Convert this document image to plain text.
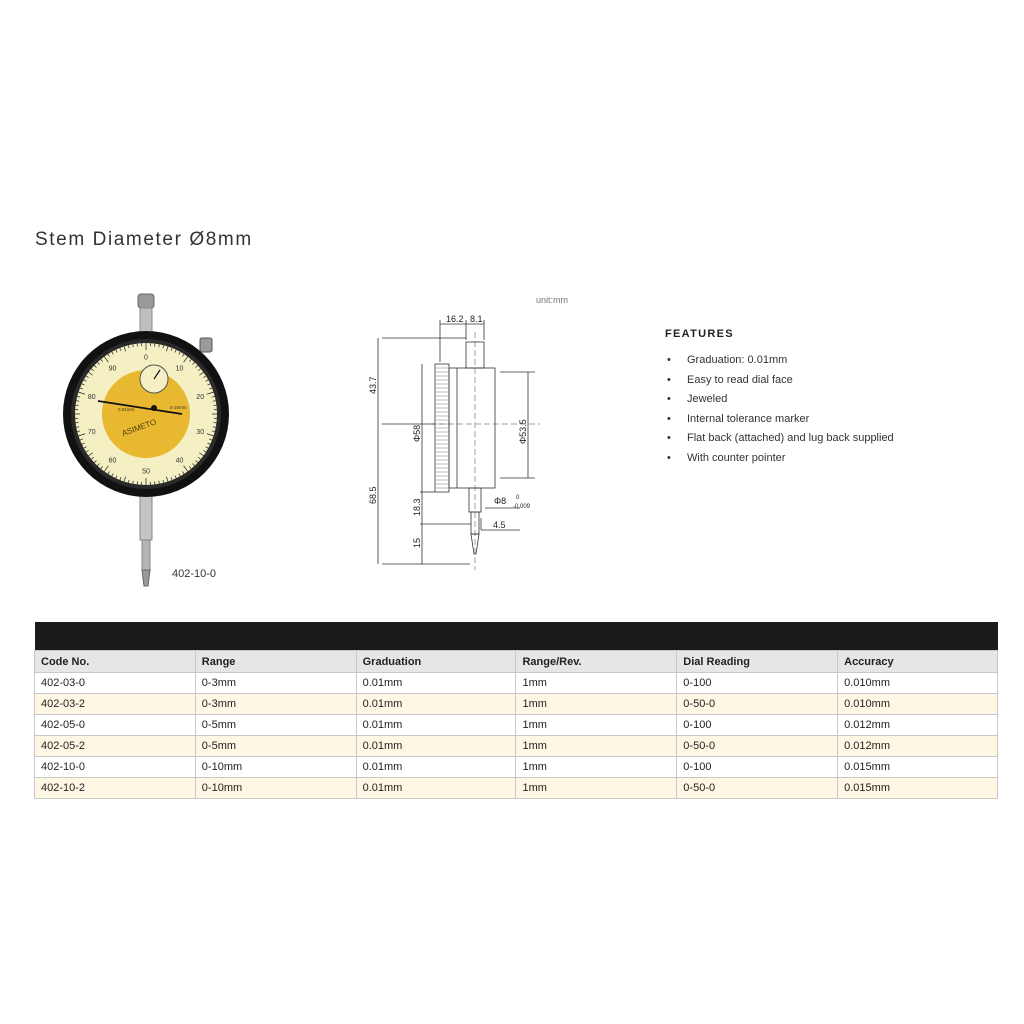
Stem Diameter Ø8mm
0
10
20
30
40
50
60
70
80
90
ASIMETO
0.01mm	0-10mm
402-10-0
unit:mm
16.2 8.1
43.7
68.5
Φ58	Φ53.5
18.3
15
Φ8
4.5
0
-0.009
FEATURES
• Graduation: 0.01mm
• Easy to read dial face
• Jeweled
• Internal tolerance marker
• Flat back (attached) and lug back supplied
• With counter pointer

Code No.	Range	Graduation	Range/Rev.	Dial Reading	Accuracy
402-03-0	0-3mm	0.01mm	1mm	0-100	0.010mm
402-03-2	0-3mm	0.01mm	1mm	0-50-0	0.010mm
402-05-0	0-5mm	0.01mm	1mm	0-100	0.012mm
402-05-2	0-5mm	0.01mm	1mm	0-50-0	0.012mm
402-10-0	0-10mm	0.01mm	1mm	0-100	0.015mm
402-10-2	0-10mm	0.01mm	1mm	0-50-0	0.015mm
